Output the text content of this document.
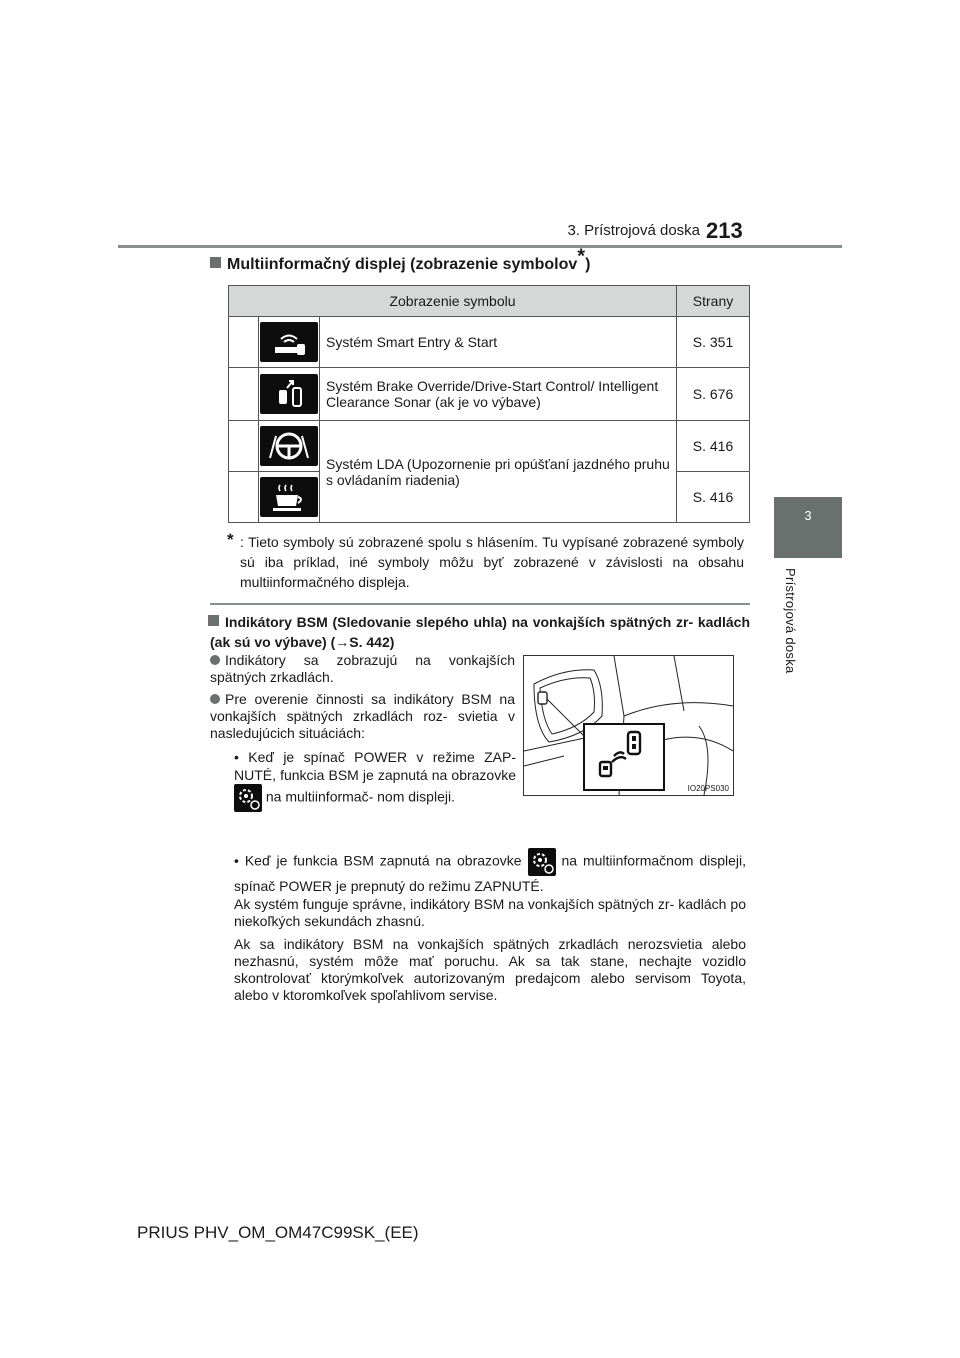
3. Prístrojová doska 213
3
Prístrojová doska
Multiinformačný displej (zobrazenie symbolov*)
Zobrazenie symbolu			Strany

	Systém Smart Entry & Start	S. 351

	Systém Brake Override/Drive-Start Control/ Intelligent Clearance Sonar (ak je vo výbave)	S. 676

	Systém LDA (Upozornenie pri opúšťaní jazdného pruhu s ovládaním riadenia)	S. 416

	S. 416
* : Tieto symboly sú zobrazené spolu s hlásením. Tu vypísané zobrazené symboly sú iba príklad, iné symboly môžu byť zobrazené v závislosti na obsahu multiinformačného displeja.
Indikátory BSM (Sledovanie slepého uhla) na vonkajších spätných zr- kadlách (ak sú vo výbave) (→S. 442)
Indikátory sa zobrazujú na vonkajších spätných zrkadlách.
Pre overenie činnosti sa indikátory BSM na vonkajších spätných zrkadlách roz- svietia v nasledujúcich situáciách:
• Keď je spínač POWER v režime ZAP- NUTÉ, funkcia BSM je zapnutá na obrazovke  na multiinformač- nom displeji.
• Keď je funkcia BSM zapnutá na obrazovke	na multiinformačnom displeji, spínač POWER je prepnutý do režimu ZAPNUTÉ.
Ak systém funguje správne, indikátory BSM na vonkajších spätných zr- kadlách po niekoľkých sekundách zhasnú.
Ak sa indikátory BSM na vonkajších spätných zrkadlách nerozsvietia alebo nezhasnú, systém môže mať poruchu. Ak sa tak stane, nechajte vozidlo skontrolovať ktorýmkoľvek autorizovaným predajcom alebo servisom Toyota, alebo v ktoromkoľvek spoľahlivom servise.
IO20PS030
PRIUS PHV_OM_OM47C99SK_(EE)
